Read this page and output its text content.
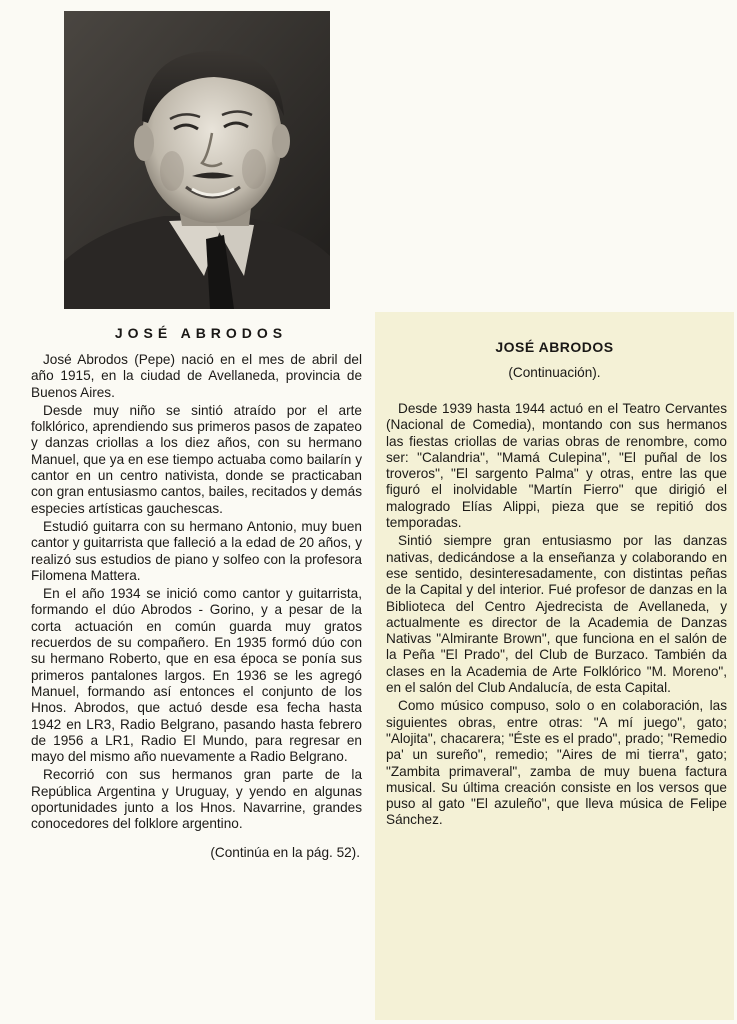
JOSÉ ABRODOS

José Abrodos (Pepe) nació en el mes de abril del año 1915, en la ciudad de Avellaneda, provincia de Buenos Aires.

Desde muy niño se sintió atraído por el arte folklórico, aprendiendo sus primeros pasos de zapateo y danzas criollas a los diez años, con su hermano Manuel, que ya en ese tiempo actuaba como bailarín y cantor en un centro nativista, donde se practicaban con gran entusiasmo cantos, bailes, recitados y demás especies artísticas gauchescas.

Estudió guitarra con su hermano Antonio, muy buen cantor y guitarrista que falleció a la edad de 20 años, y realizó sus estudios de piano y solfeo con la profesora Filomena Mattera.

En el año 1934 se inició como cantor y guitarrista, formando el dúo Abrodos - Gorino, y a pesar de la corta actuación en común guarda muy gratos recuerdos de su compañero. En 1935 formó dúo con su hermano Roberto, que en esa época se ponía sus primeros pantalones largos. En 1936 se les agregó Manuel, formando así entonces el conjunto de los Hnos. Abrodos, que actuó desde esa fecha hasta 1942 en LR3, Radio Belgrano, pasando hasta febrero de 1956 a LR1, Radio El Mundo, para regresar en mayo del mismo año nuevamente a Radio Belgrano.

Recorrió con sus hermanos gran parte de la República Argentina y Uruguay, y yendo en algunas oportunidades junto a los Hnos. Navarrine, grandes conocedores del folklore argentino.

(Continúa en la pág. 52).

JOSÉ ABRODOS
(Continuación).

Desde 1939 hasta 1944 actuó en el Teatro Cervantes (Nacional de Comedia), montando con sus hermanos las fiestas criollas de varias obras de renombre, como ser: "Calandria", "Mamá Culepina", "El puñal de los troveros", "El sargento Palma" y otras, entre las que figuró el inolvidable "Martín Fierro" que dirigió el malogrado Elías Alippi, pieza que se repitió dos temporadas.

Sintió siempre gran entusiasmo por las danzas nativas, dedicándose a la enseñanza y colaborando en ese sentido, desinteresadamente, con distintas peñas de la Capital y del interior. Fué profesor de danzas en la Biblioteca del Centro Ajedrecista de Avellaneda, y actualmente es director de la Academia de Danzas Nativas "Almirante Brown", que funciona en el salón de la Peña "El Prado", del Club de Burzaco. También da clases en la Academia de Arte Folklórico "M. Moreno", en el salón del Club Andalucía, de esta Capital.

Como músico compuso, solo o en colaboración, las siguientes obras, entre otras: "A mí juego", gato; "Alojita", chacarera; "Éste es el prado", prado; "Remedio pa' un sureño", remedio; "Aires de mi tierra", gato; "Zambita primaveral", zamba de muy buena factura musical. Su última creación consiste en los versos que puso al gato "El azuleño", que lleva música de Felipe Sánchez.
